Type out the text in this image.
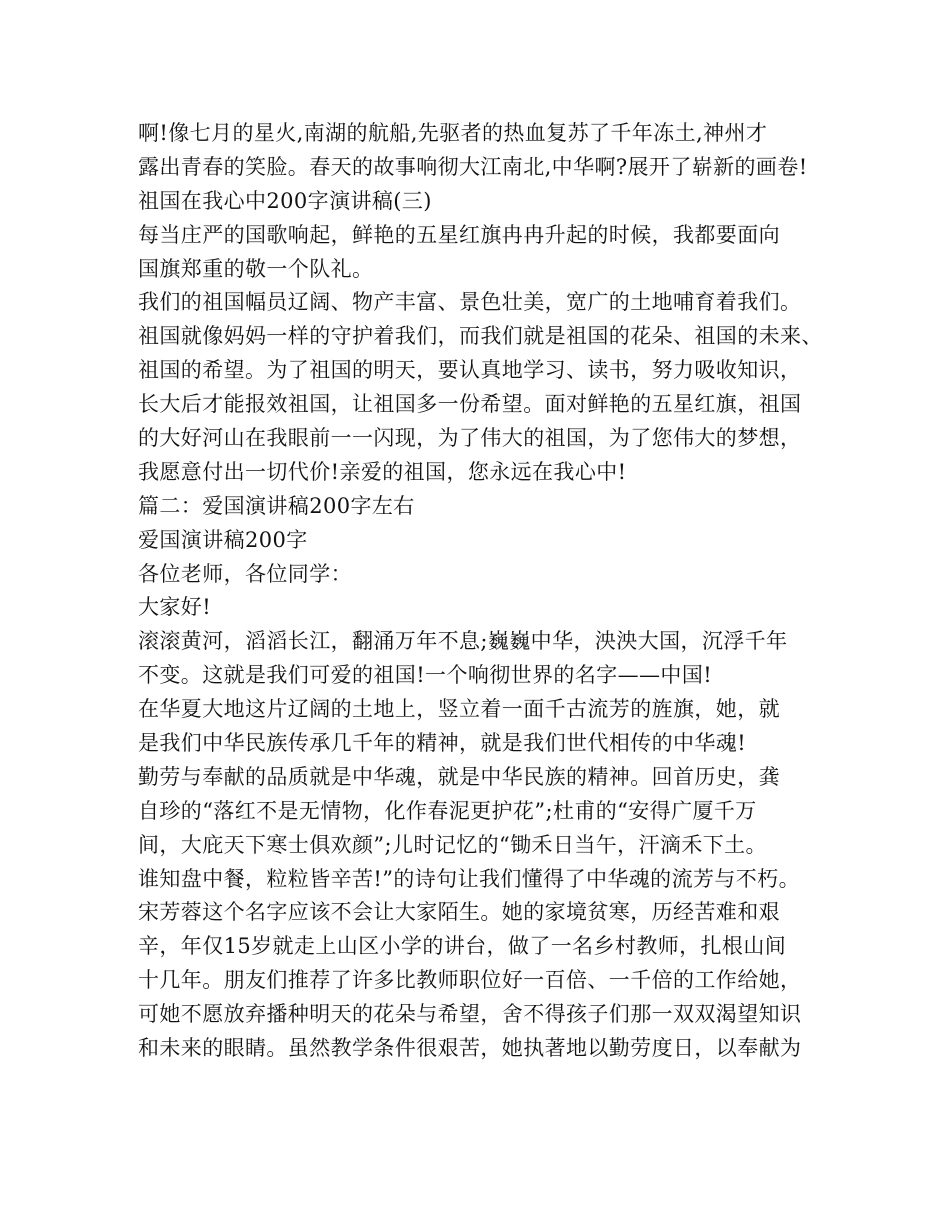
啊!像七月的星火,南湖的航船,先驱者的热血复苏了千年冻土,神州才
露出青春的笑脸。春天的故事响彻大江南北,中华啊?展开了崭新的画卷!
祖国在我心中200字演讲稿(三)
每当庄严的国歌响起，鲜艳的五星红旗冉冉升起的时候，我都要面向
国旗郑重的敬一个队礼。
我们的祖国幅员辽阔、物产丰富、景色壮美，宽广的土地哺育着我们。
祖国就像妈妈一样的守护着我们，而我们就是祖国的花朵、祖国的未来、
祖国的希望。为了祖国的明天，要认真地学习、读书，努力吸收知识，
长大后才能报效祖国，让祖国多一份希望。面对鲜艳的五星红旗，祖国
的大好河山在我眼前一一闪现，为了伟大的祖国，为了您伟大的梦想，
我愿意付出一切代价!亲爱的祖国，您永远在我心中!
篇二：爱国演讲稿200字左右
爱国演讲稿200字
各位老师，各位同学：
大家好!
滚滚黄河，滔滔长江，翻涌万年不息;巍巍中华，泱泱大国，沉浮千年
不变。这就是我们可爱的祖国!一个响彻世界的名字——中国!
在华夏大地这片辽阔的土地上，竖立着一面千古流芳的旌旗，她，就
是我们中华民族传承几千年的精神，就是我们世代相传的中华魂!
勤劳与奉献的品质就是中华魂，就是中华民族的精神。回首历史，龚
自珍的“落红不是无情物，化作春泥更护花”;杜甫的“安得广厦千万
间，大庇天下寒士俱欢颜”;儿时记忆的“锄禾日当午，汗滴禾下土。
谁知盘中餐，粒粒皆辛苦!”的诗句让我们懂得了中华魂的流芳与不朽。
宋芳蓉这个名字应该不会让大家陌生。她的家境贫寒，历经苦难和艰
辛，年仅15岁就走上山区小学的讲台，做了一名乡村教师，扎根山间
十几年。朋友们推荐了许多比教师职位好一百倍、一千倍的工作给她，
可她不愿放弃播种明天的花朵与希望，舍不得孩子们那一双双渴望知识
和未来的眼睛。虽然教学条件很艰苦，她执著地以勤劳度日，以奉献为
